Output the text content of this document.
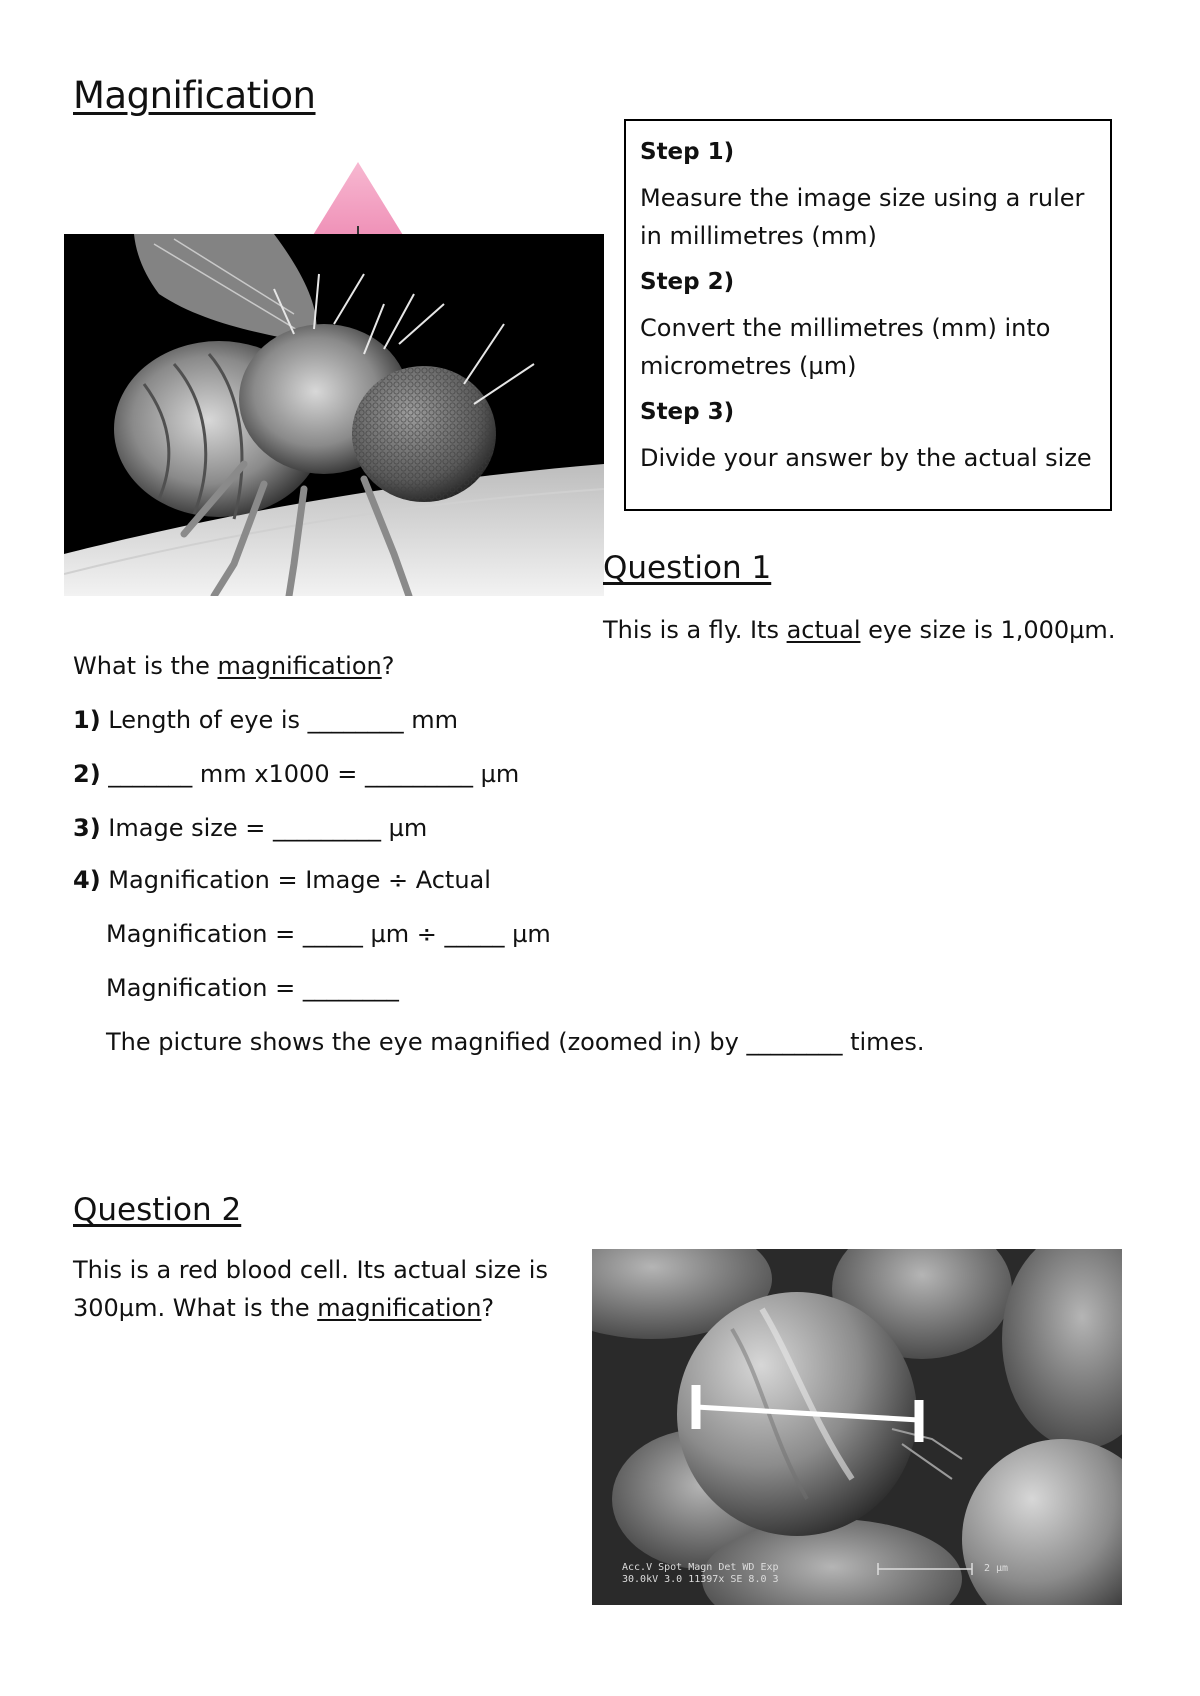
Magnification
Step 1)
Measure the image size using a ruler in millimetres (mm)
Step 2)
Convert the millimetres (mm) into micrometres (µm)
Step 3)
Divide your answer by the actual size
Question 1
This is a fly. Its actual eye size is 1,000µm.
What is the magnification?
1) Length of eye is ________ mm
2) _______ mm x1000 = _________ µm
3) Image size = _________ µm
4) Magnification = Image ÷ Actual
Magnification = _____ µm ÷ _____ µm
Magnification = ________
The picture shows the eye magnified (zoomed in) by ________ times.
Question 2
This is a red blood cell. Its actual size is
300µm. What is the magnification?
Acc.V Spot Magn Det WD Exp
30.0kV 3.0 11397x SE 8.0 3
2 µm
